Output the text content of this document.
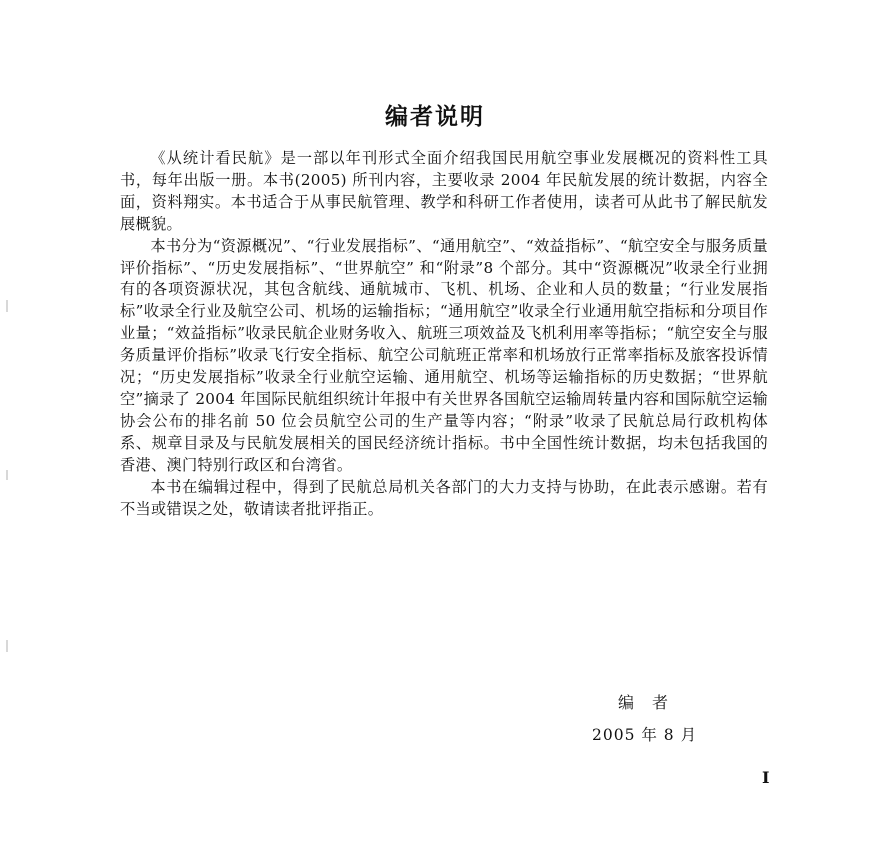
编者说明

《从统计看民航》是一部以年刊形式全面介绍我国民用航空事业发展概况的资料性工具书，每年出版一册。本书(2005) 所刊内容，主要收录 2004 年民航发展的统计数据，内容全面，资料翔实。本书适合于从事民航管理、教学和科研工作者使用，读者可从此书了解民航发展概貌。

本书分为“资源概况”、“行业发展指标”、“通用航空”、“效益指标”、“航空安全与服务质量评价指标”、“历史发展指标”、“世界航空” 和“附录”8 个部分。其中“资源概况”收录全行业拥有的各项资源状况，其包含航线、通航城市、飞机、机场、企业和人员的数量；“行业发展指标”收录全行业及航空公司、机场的运输指标；“通用航空”收录全行业通用航空指标和分项目作业量；“效益指标”收录民航企业财务收入、航班三项效益及飞机利用率等指标；“航空安全与服务质量评价指标”收录飞行安全指标、航空公司航班正常率和机场放行正常率指标及旅客投诉情况；“历史发展指标”收录全行业航空运输、通用航空、机场等运输指标的历史数据；“世界航空”摘录了 2004 年国际民航组织统计年报中有关世界各国航空运输周转量内容和国际航空运输协会公布的排名前 50 位会员航空公司的生产量等内容；“附录”收录了民航总局行政机构体系、规章目录及与民航发展相关的国民经济统计指标。书中全国性统计数据，均未包括我国的香港、澳门特别行政区和台湾省。

本书在编辑过程中，得到了民航总局机关各部门的大力支持与协助，在此表示感谢。若有不当或错误之处，敬请读者批评指正。

编者

2005 年 8 月

I
